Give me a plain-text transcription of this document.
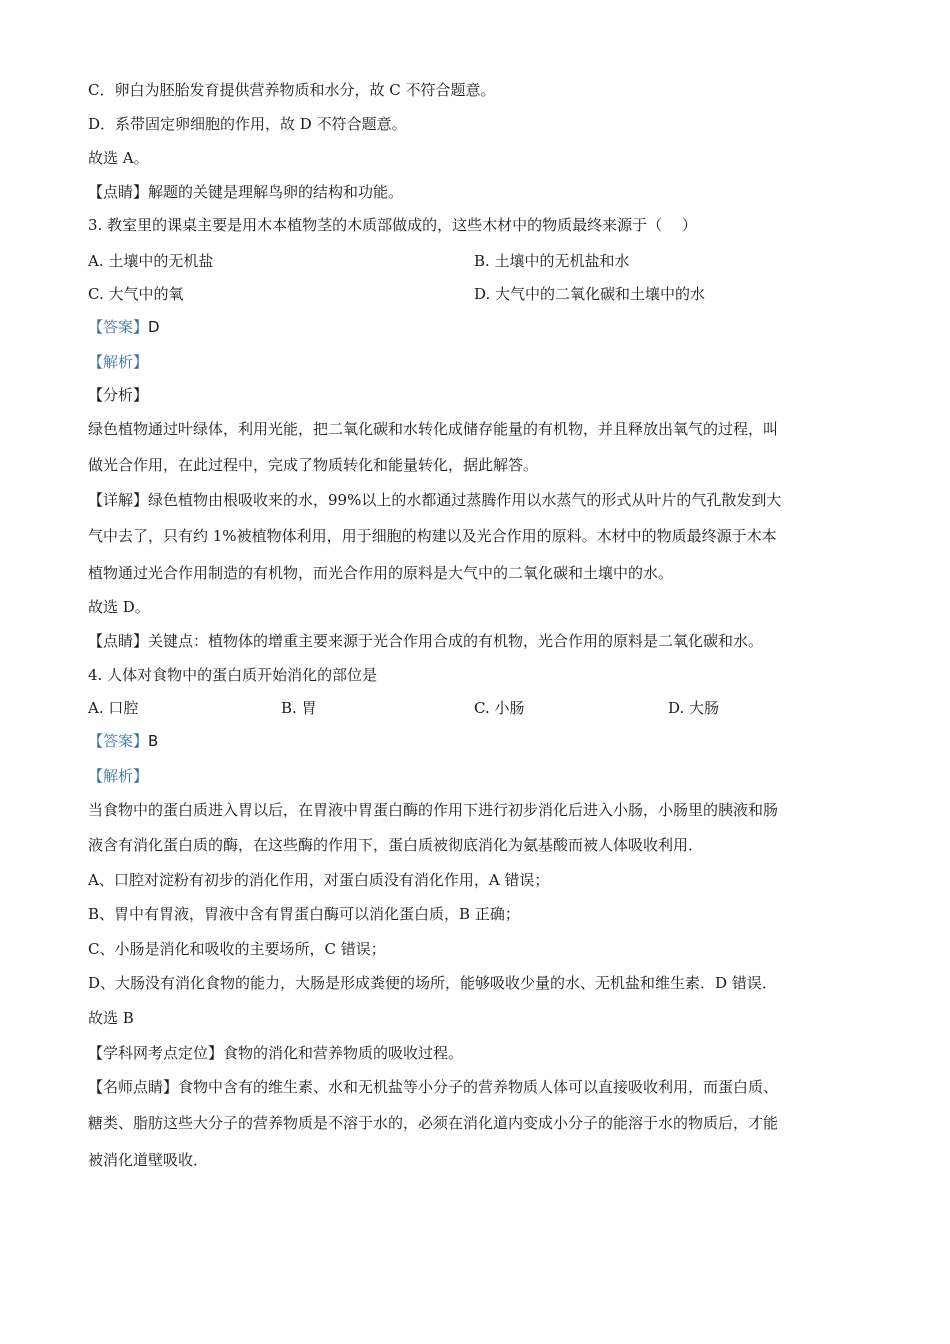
C．卵白为胚胎发育提供营养物质和水分，故 C 不符合题意。
D．系带固定卵细胞的作用，故 D 不符合题意。
故选 A。
【点睛】解题的关键是理解鸟卵的结构和功能。
3. 教室里的课桌主要是用木本植物茎的木质部做成的，这些木材中的物质最终来源于（　 ）
A. 土壤中的无机盐	B. 土壤中的无机盐和水
C. 大气中的氧	D. 大气中的二氧化碳和土壤中的水
【答案】D
【解析】
【分析】
绿色植物通过叶绿体，利用光能，把二氧化碳和水转化成储存能量的有机物，并且释放出氧气的过程，叫
做光合作用，在此过程中，完成了物质转化和能量转化，据此解答。
【详解】绿色植物由根吸收来的水，99%以上的水都通过蒸腾作用以水蒸气的形式从叶片的气孔散发到大
气中去了，只有约 1%被植物体利用，用于细胞的构建以及光合作用的原料。木材中的物质最终源于木本
植物通过光合作用制造的有机物，而光合作用的原料是大气中的二氧化碳和土壤中的水。
故选 D。
【点睛】关键点：植物体的增重主要来源于光合作用合成的有机物，光合作用的原料是二氧化碳和水。
4. 人体对食物中的蛋白质开始消化的部位是
A. 口腔	B. 胃	C. 小肠	D. 大肠
【答案】B
【解析】
当食物中的蛋白质进入胃以后，在胃液中胃蛋白酶的作用下进行初步消化后进入小肠，小肠里的胰液和肠
液含有消化蛋白质的酶，在这些酶的作用下，蛋白质被彻底消化为氨基酸而被人体吸收利用．
A、口腔对淀粉有初步的消化作用，对蛋白质没有消化作用，A 错误；
B、胃中有胃液，胃液中含有胃蛋白酶可以消化蛋白质，B 正确；
C、小肠是消化和吸收的主要场所，C 错误；
D、大肠没有消化食物的能力，大肠是形成粪便的场所，能够吸收少量的水、无机盐和维生素．D 错误．
故选 B
【学科网考点定位】食物的消化和营养物质的吸收过程。
【名师点睛】食物中含有的维生素、水和无机盐等小分子的营养物质人体可以直接吸收利用，而蛋白质、
糖类、脂肪这些大分子的营养物质是不溶于水的，必须在消化道内变成小分子的能溶于水的物质后，才能
被消化道壁吸收．
